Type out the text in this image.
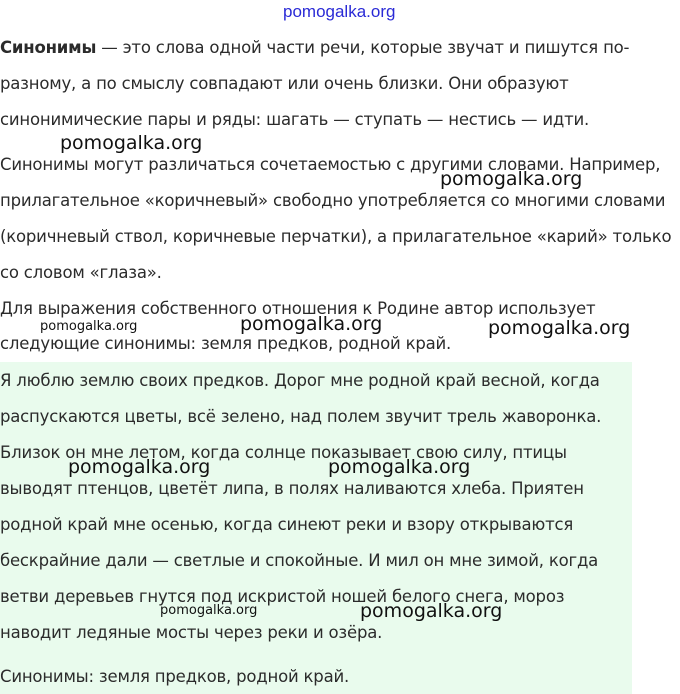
pomogalka.org
Синонимы — это слова одной части речи, которые звучат и пишутся по-
разному, а по смыслу совпадают или очень близки. Они образуют
синонимические пары и ряды: шагать — ступать — нестись — идти.
Синонимы могут различаться сочетаемостью с другими словами. Например,
прилагательное «коричневый» свободно употребляется со многими словами
(коричневый ствол, коричневые перчатки), а прилагательное «карий» только
со словом «глаза».
Для выражения собственного отношения к Родине автор использует
следующие синонимы: земля предков, родной край.
Я люблю землю своих предков. Дорог мне родной край весной, когда
распускаются цветы, всё зелено, над полем звучит трель жаворонка.
Близок он мне летом, когда солнце показывает свою силу, птицы
выводят птенцов, цветёт липа, в полях наливаются хлеба. Приятен
родной край мне осенью, когда синеют реки и взору открываются
бескрайние дали — светлые и спокойные. И мил он мне зимой, когда
ветви деревьев гнутся под искристой ношей белого снега, мороз
наводит ледяные мосты через реки и озёра.
Синонимы: земля предков, родной край.
pomogalka.org
pomogalka.org
pomogalka.org	pomogalka.org	pomogalka.org
pomogalka.org	pomogalka.org
pomogalka.org	pomogalka.org
